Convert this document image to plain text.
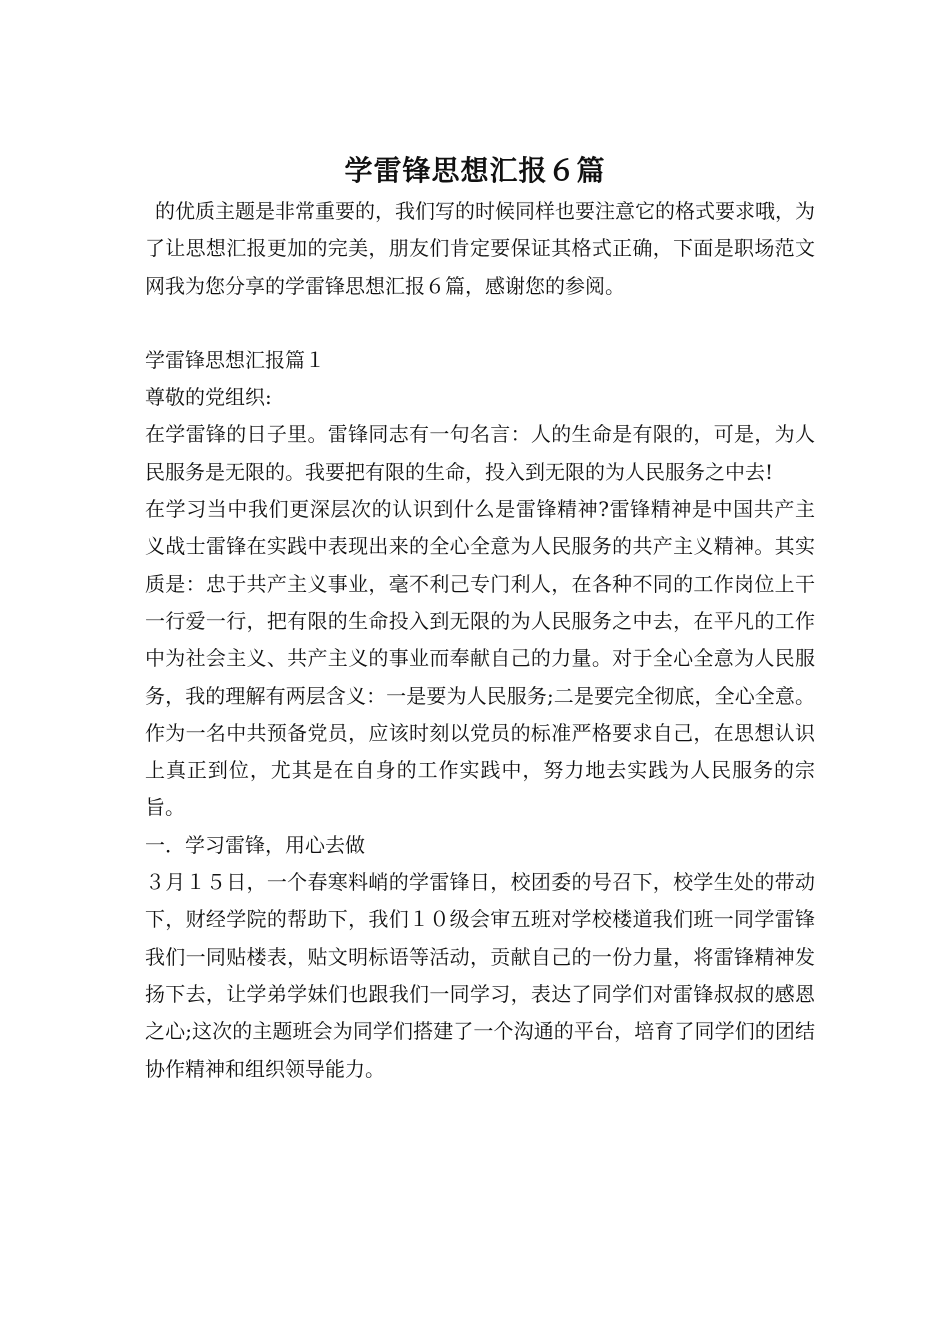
学雷锋思想汇报６篇

的优质主题是非常重要的，我们写的时候同样也要注意它的格式要求哦，为了让思想汇报更加的完美，朋友们肯定要保证其格式正确，下面是职场范文网我为您分享的学雷锋思想汇报６篇，感谢您的参阅。

学雷锋思想汇报篇１

尊敬的党组织:

在学雷锋的日子里。雷锋同志有一句名言：人的生命是有限的，可是，为人民服务是无限的。我要把有限的生命，投入到无限的为人民服务之中去!

在学习当中我们更深层次的认识到什么是雷锋精神?雷锋精神是中国共产主义战士雷锋在实践中表现出来的全心全意为人民服务的共产主义精神。其实质是：忠于共产主义事业，毫不利己专门利人，在各种不同的工作岗位上干一行爱一行，把有限的生命投入到无限的为人民服务之中去，在平凡的工作中为社会主义、共产主义的事业而奉献自己的力量。对于全心全意为人民服务，我的理解有两层含义：一是要为人民服务;二是要完全彻底，全心全意。作为一名中共预备党员，应该时刻以党员的标准严格要求自己，在思想认识上真正到位，尤其是在自身的工作实践中，努力地去实践为人民服务的宗旨。

一．学习雷锋，用心去做

３月１５日，一个春寒料峭的学雷锋日，校团委的号召下，校学生处的带动下，财经学院的帮助下，我们１０级会审五班对学校楼道我们班一同学雷锋我们一同贴楼表，贴文明标语等活动，贡献自己的一份力量，将雷锋精神发扬下去，让学弟学妹们也跟我们一同学习，表达了同学们对雷锋叔叔的感恩之心;这次的主题班会为同学们搭建了一个沟通的平台，培育了同学们的团结协作精神和组织领导能力。
